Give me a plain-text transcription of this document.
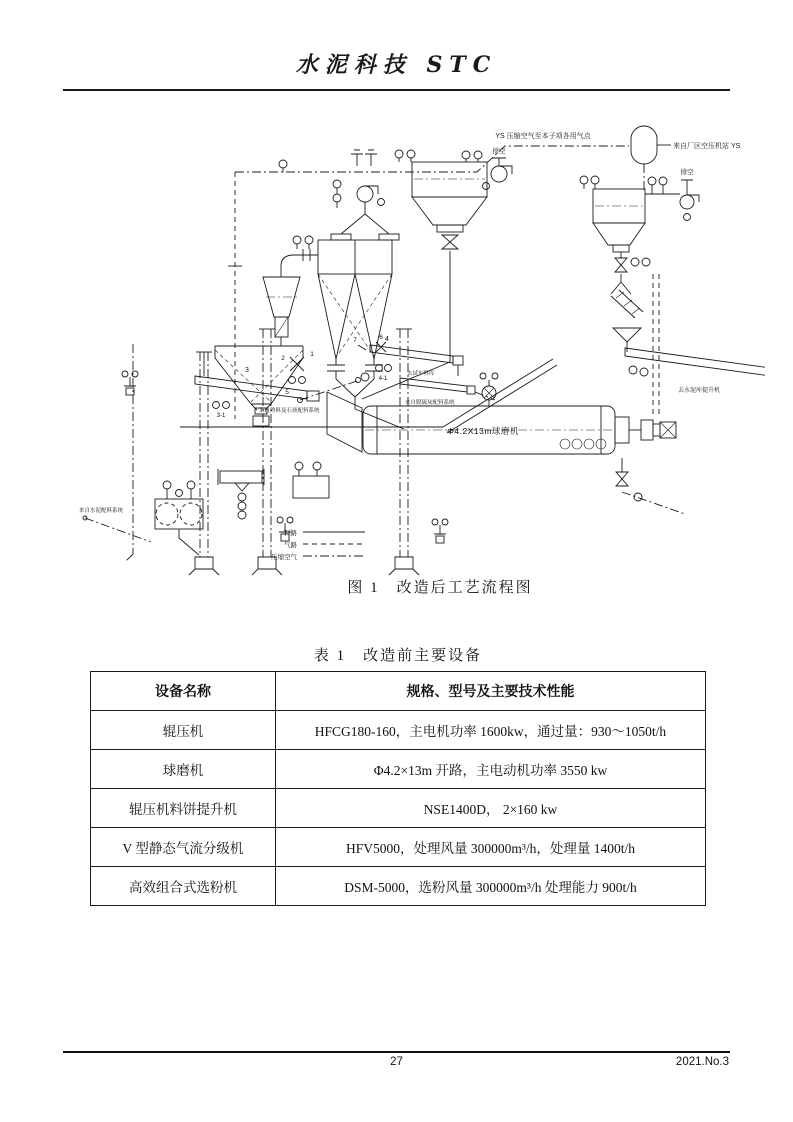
水泥科技 STC
YS 压缩空气至本子项各用气点
来自厂区空压机站 YS
排空
2
1
5
7	6
3
3-1
4
4-1
去试车料库
来自脱硫灰配料系统
来自熟料及石膏配料系统
Φ4.2X13m球磨机
来自水泥配料系统
排空
去水泥库提升机
料路
气路
压缩空气
图 1　改造后工艺流程图
表 1　改造前主要设备
设备名称	规格、型号及主要技术性能
辊压机	HFCG180-160，主电机功率 1600kw，通过量：930～1050t/h
球磨机	Φ4.2×13m 开路，主电动机功率 3550 kw
辊压机料饼提升机	NSE1400D， 2×160 kw
V 型静态气流分级机	HFV5000，处理风量 300000m³/h，处理量 1400t/h
高效组合式选粉机	DSM-5000，选粉风量 300000m³/h 处理能力 900t/h
27	2021.No.3
